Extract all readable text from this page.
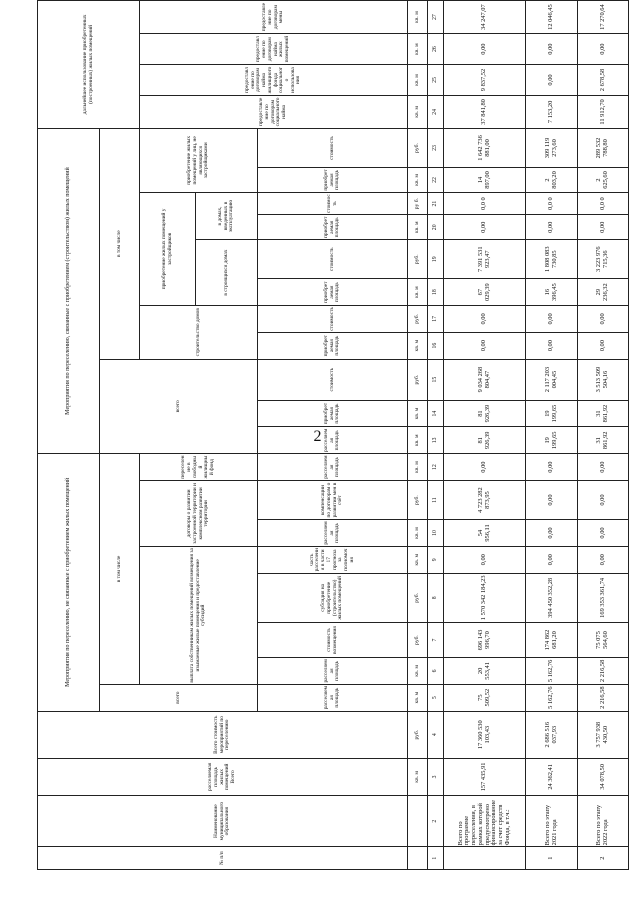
2
№ п/п	Наименование муниципального образования	расселяемая площадь жилых помещений Всего	Всего стоимость мероприятий по переселению	Мероприятия по переселению, не связанные с приобретением жилых помещений								Мероприятия по переселению, связанные с приобретением (строительством) жилых помещений											дальнейшее использование приобретенных (построенных) жилых помещений			
				всего	в том числе							всего			в том числе											
					выплата собственникам жилых помещений возмещения за изымаемые жилые помещения и предоставление субсидий				договоры о развитии застроенной территории и комплексном развитии территории		переселение в свободный жилищный фонд				строительство домов		приобретение жилых помещений у застройщиков				приобретение жилых помещений у лиц, не являющихся застройщиками		предоставление по договорам социального найма	предоставление по договорам найма жилищного фонда социального использования	предоставление по договорам найма жилых помещений	предоставление по договорам мены
																	в строящихся домах		в домах, введенных в эксплуатацию							
				расселяемая площадь	расселяемая площадь	стоимость возмещения	субсидия на приобретение (строительство) жилых помещений	часть расселения в части 17 прогноза за полномочия	расселяемая площадь	компенсации по договорам о развитии мен в счёт	расселяемая площадь	расселяемая площадь	приобретаемая площадь	стоимость	приобретаемая площадь	стоимость	приобретаемая площадь	стоимость	приобретаемая площадь	стоимость	приобретаемая площадь	стоимость				
		кв. м	руб.	кв. м	кв. м	руб.	руб.	кв. м	кв. м	руб.	кв. м	кв. м	кв. м	руб.	кв. м	руб.	кв. м	руб.	кв. м	ру б.	кв. м	руб.	кв. м	кв. м	кв. м	кв. м
1	2	3	4	5	6	7	8	9	10	11	12	13	14	15	16	17	18	19	20	21	22	23	24	25	26	27
	Всего по программе переселения, в рамках которой предусмотрено финансирование за счет средств Фонда, в т.ч.:	157 435,91	17 360 530 103,43	75 509,52	20 553,41	696 143 996,70	1 570 342 184,23	0,00	54 956,11	4 723 282 873,95	0,00	81 926,39	81 926,39	9 034 268 804,47	0,00	0,00	67 029,39	7 391 531 923,47	0,00	0,0 0	14 897,00	1 642 736 881,00	37 841,80	9 837,52	0,00	34 247,07
1	Всего по этапу 2021 года	24 362,41	2 686 516 037,93	5 162,76	5 162,76	174 862 681,20	394 450 352,28	0,00	0,00	0,00	0,00	19 199,65	19 199,65	2 117 203 004,45	0,00	0,00	16 396,45	1 808 083 730,85	0,00	0,0 0	2 803,20	309 119 273,60	7 153,20	0,00	0,00	12 046,45
2	Всего по этапу 2022 года	34 078,50	3 757 938 430,50	2 216,58	2 216,58	75 075 564,60	169 353 361,74	0,00	0,00	0,00	0,00	31 861,92	31 861,92	3 513 509 504,16	0,00	0,00	29 236,32	3 223 976 715,36	0,00	0,0 0	2 625,60	289 532 788,80	11 912,70	2 678,58	0,00	17 270,64
